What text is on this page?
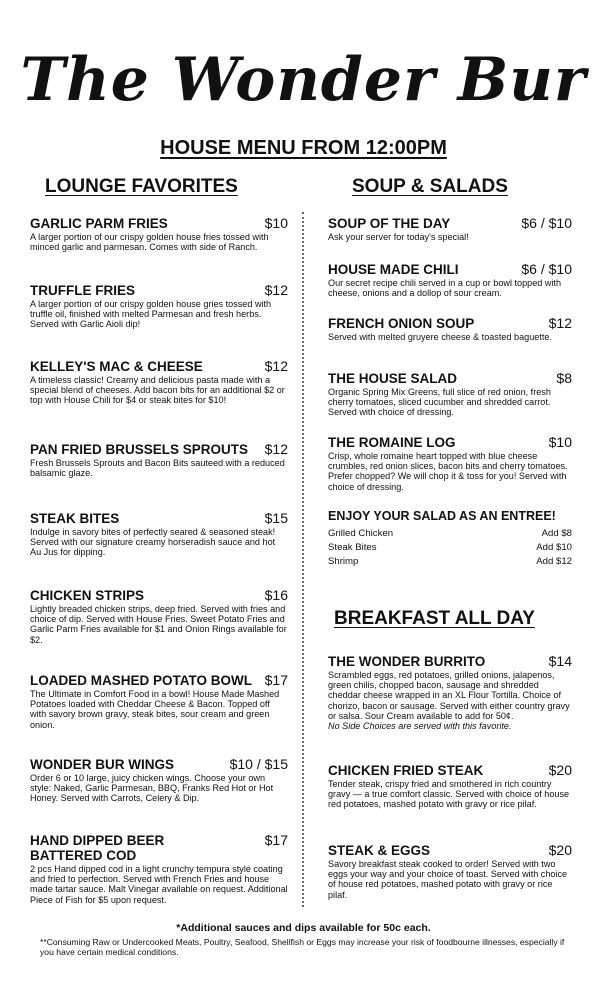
The Wonder Bur
HOUSE MENU FROM 12:00PM
LOUNGE FAVORITES
GARLIC PARM FRIES	$10
A larger portion of our crispy golden house fries tossed with minced garlic and parmesan. Comes with side of Ranch.
TRUFFLE FRIES	$12
A larger portion of our crispy golden house gries tossed with truffle oil, finished with melted Parmesan and fresh herbs. Served with Garlic Aioli dip!
KELLEY'S MAC & CHEESE	$12
A timeless classic! Creamy and delicious pasta made with a special blend of cheeses. Add bacon bits for an additional $2 or top with House Chili for $4 or steak bites for $10!
PAN FRIED BRUSSELS SPROUTS $12
Fresh Brussels Sprouts and Bacon Bits sauteed with a reduced balsamic glaze.
STEAK BITES	$15
Indulge in savory bites of perfectly seared & seasoned steak! Served with our signature creamy horseradish sauce and hot Au Jus for dipping.
CHICKEN STRIPS	$16
Lightly breaded chicken strips, deep fried. Served with fries and choice of dip. Served with House Fries. Sweet Potato Fries and Garlic Parm Fries available for $1 and Onion Rings available for $2.
LOADED MASHED POTATO BOWL $17
The Ultimate in Comfort Food in a bowl! House Made Mashed Potatoes loaded with Cheddar Cheese & Bacon. Topped off with savory brown gravy, steak bites, sour cream and green onion.
WONDER BUR WINGS	$10 / $15
Order 6 or 10 large, juicy chicken wings. Choose your own style: Naked, Garlic Parmesan, BBQ, Franks Red Hot or Hot Honey. Served with Carrots, Celery & Dip.
HAND DIPPED BEER BATTERED COD
$17
2 pcs Hand dipped cod in a light crunchy tempura style coating and fried to perfection. Served with French Fries and house made tartar sauce. Malt Vinegar available on request. Additional Piece of Fish for $5 upon request.
SOUP & SALADS
SOUP OF THE DAY	$6 / $10
Ask your server for today's special!
HOUSE MADE CHILI	$6 / $10
Our secret recipe chili served in a cup or bowl topped with cheese, onions and a dollop of sour cream.
FRENCH ONION SOUP	$12
Served with melted gruyere cheese & toasted baguette.
THE HOUSE SALAD	$8
Organic Spring Mix Greens, full slice of red onion, fresh cherry tomatoes, sliced cucumber and shredded carrot. Served with choice of dressing.
THE ROMAINE LOG	$10
Crisp, whole romaine heart topped with blue cheese crumbles, red onion slices, bacon bits and cherry tomatoes. Prefer chopped? We will chop it & toss for you! Served with choice of dressing.
ENJOY YOUR SALAD AS AN ENTREE!
Grilled Chicken	Add $8
Steak Bites	Add $10
Shrimp	Add $12
BREAKFAST ALL DAY
THE WONDER BURRITO	$14
Scrambled eggs, red potatoes, grilled onions, jalapenos, green chilis, chopped bacon, sausage and shredded cheddar cheese wrapped in an XL Flour Tortilla. Choice of chorizo, bacon or sausage. Served with either country gravy or salsa. Sour Cream available to add for 50¢.
No Side Choices are served with this favorite.
CHICKEN FRIED STEAK	$20
Tender steak, crispy fried and smothered in rich country gravy — a true comfort classic. Served with choice of house red potatoes, mashed potato with gravy or rice pilaf.
STEAK & EGGS	$20
Savory breakfast steak cooked to order! Served with two eggs your way and your choice of toast. Served with choice of house red potatoes, mashed potato with gravy or rice pilaf.
*Additional sauces and dips available for 50c each.
**Consuming Raw or Undercooked Meats, Poultry, Seafood, Shellfish or Eggs may increase your risk of foodbourne illnesses, especially if you have certain medical conditions.
